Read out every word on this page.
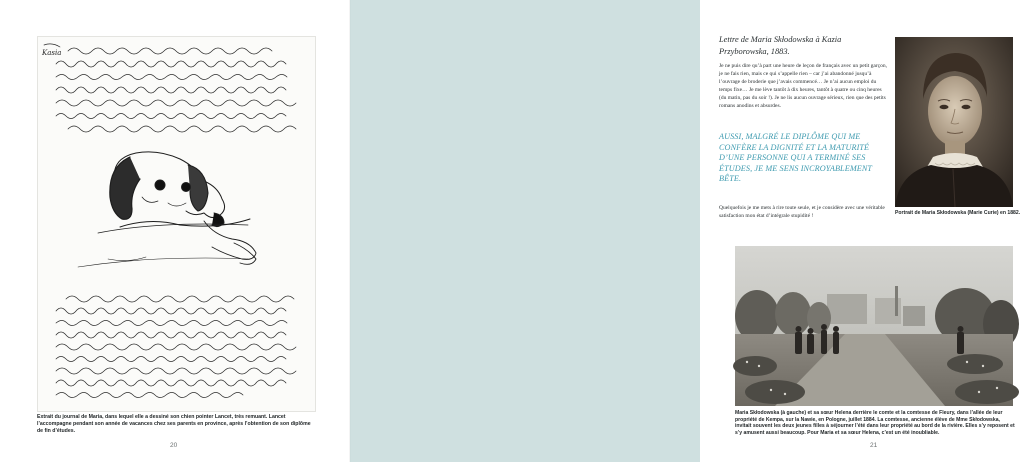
Kasia
Extrait du journal de Maria, dans lequel elle a dessiné son chien pointer Lancet, très remuant. Lancet l’accompagne pendant son année de vacances chez ses parents en province, après l’obtention de son diplôme de fin d’études.
20
Lettre de Maria Skłodowska à Kazia Przyborowska, 1883.
Je ne puis dire qu’à part une heure de leçon de français avec un petit garçon, je ne fais rien, mais ce qui s’appelle rien – car j’ai abandonné jusqu’à l’ouvrage de broderie que j’avais commencé… Je n’ai aucun emploi du temps fixe… Je me lève tantôt à dix heures, tantôt à quatre ou cinq heures (du matin, pas du soir !). Je ne lis aucun ouvrage sérieux, rien que des petits romans anodins et absurdes.
AUSSI, MALGRÉ LE DIPLÔME QUI ME CONFÈRE LA DIGNITÉ ET LA MATURITÉ D’UNE PERSONNE QUI A TERMINÉ SES ÉTUDES, JE ME SENS INCROYABLEMENT BÊTE.
Quelquefois je me mets à rire toute seule, et je considère avec une véritable satisfaction mon état d’intégrale stupidité !	Portrait de Maria Skłodowska (Marie Curie) en 1882.
Maria Skłodowska (à gauche) et sa sœur Helena derrière le comte et la comtesse de Fleury, dans l’allée de leur propriété de Kempa, sur la Nawie, en Pologne, juillet 1884. La comtesse, ancienne élève de Mme Skłodowska, invitait souvent les deux jeunes filles à séjourner l’été dans leur propriété au bord de la rivière. Elles s’y reposent et s’y amusent aussi beaucoup. Pour Maria et sa sœur Helena, c’est un été inoubliable.
21
